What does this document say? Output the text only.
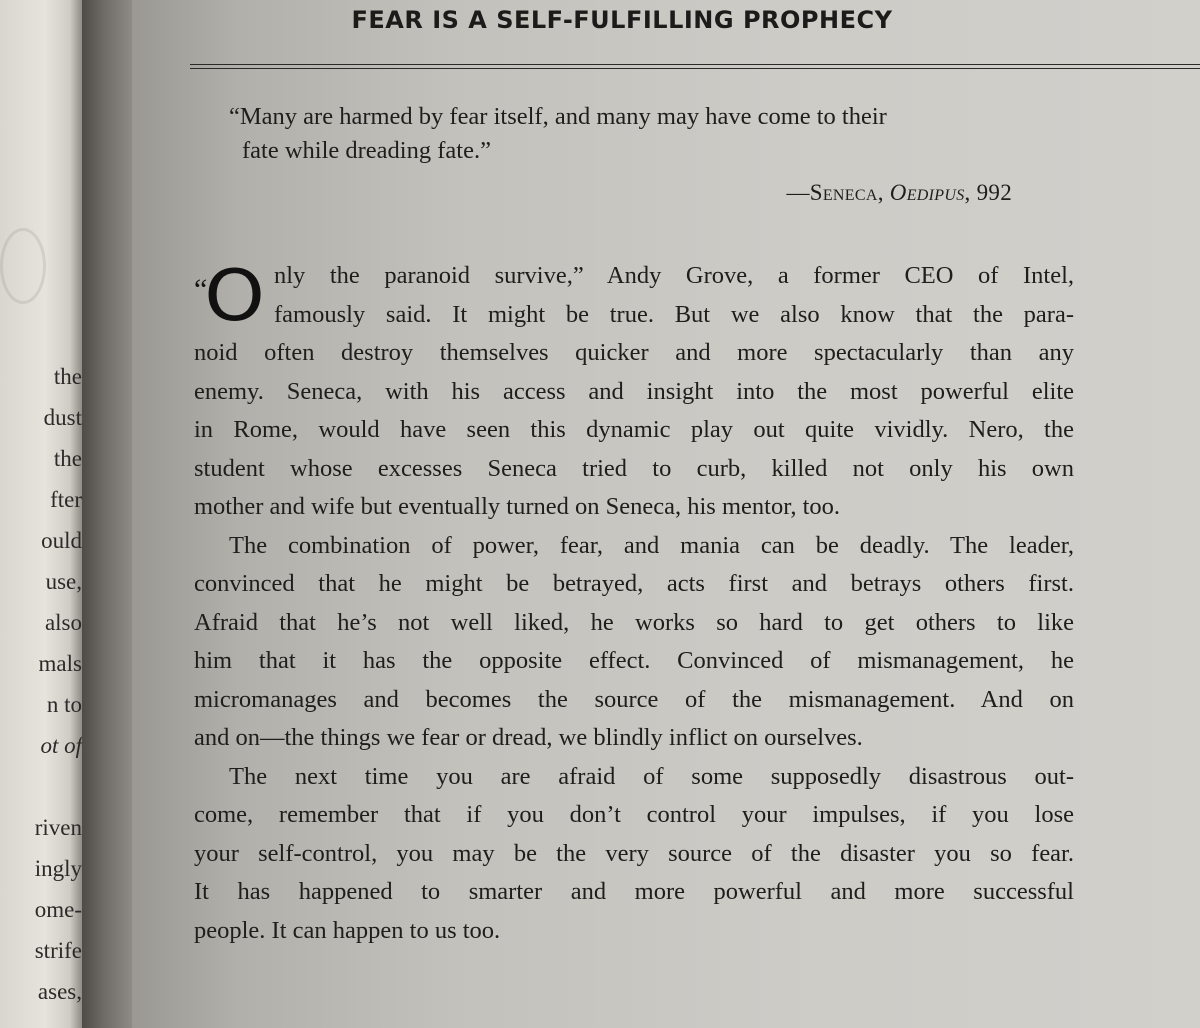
the
dust
the
fter
ould
use,
also
mals
n to
ot of
riven
ingly
ome-
strife
ases,
FEAR IS A SELF-FULFILLING PROPHECY
“Many are harmed by fear itself, and many may have come to their
fate while dreading fate.”
—Seneca, Oedipus, 992
“O nly the paranoid survive,” Andy Grove, a former CEO of Intel,
famously said. It might be true. But we also know that the para-
noid often destroy themselves quicker and more spectacularly than any
enemy. Seneca, with his access and insight into the most powerful elite
in Rome, would have seen this dynamic play out quite vividly. Nero, the
student whose excesses Seneca tried to curb, killed not only his own
mother and wife but eventually turned on Seneca, his mentor, too.
The combination of power, fear, and mania can be deadly. The leader,
convinced that he might be betrayed, acts first and betrays others first.
Afraid that he’s not well liked, he works so hard to get others to like
him that it has the opposite effect. Convinced of mismanagement, he
micromanages and becomes the source of the mismanagement. And on
and on—the things we fear or dread, we blindly inflict on ourselves.
The next time you are afraid of some supposedly disastrous out-
come, remember that if you don’t control your impulses, if you lose
your self-control, you may be the very source of the disaster you so fear.
It has happened to smarter and more powerful and more successful
people. It can happen to us too.
